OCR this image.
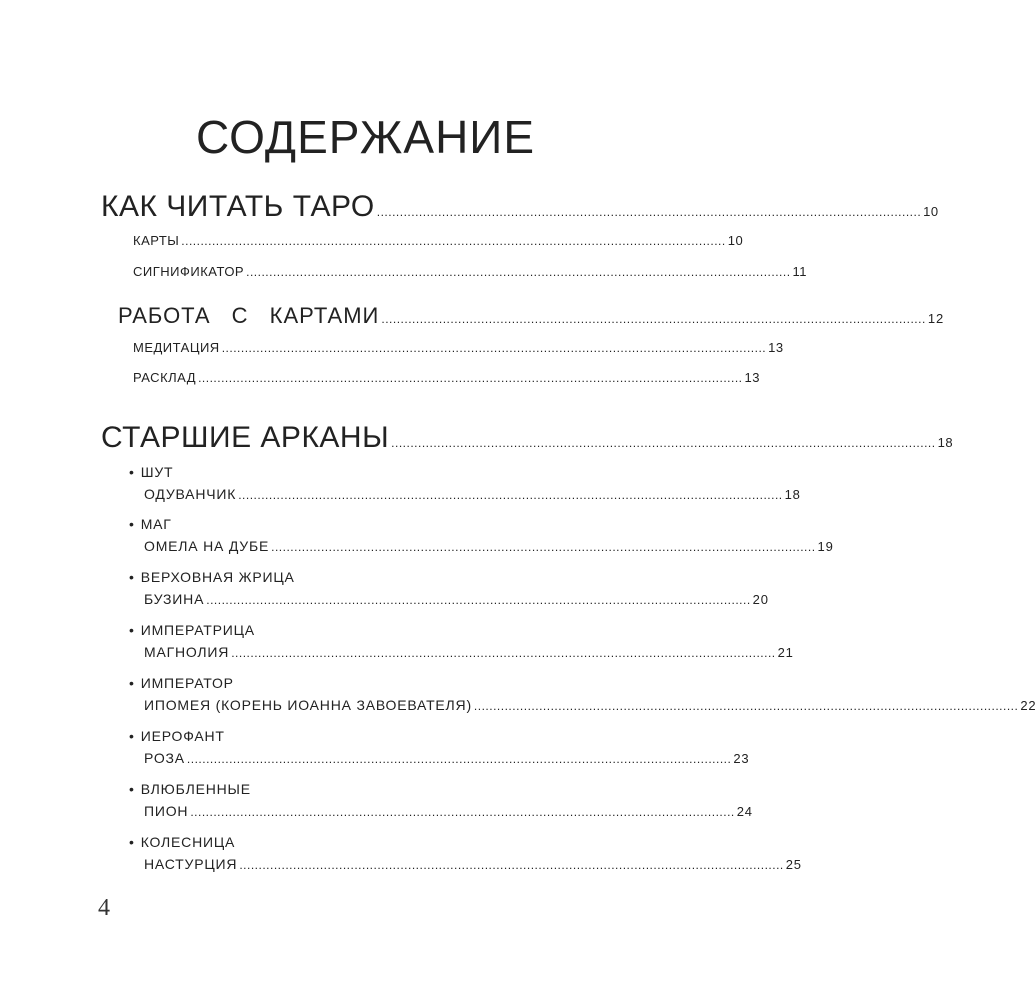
СОДЕРЖАНИЕ
КАК ЧИТАТЬ ТАРО .............................................................................................................................................. 10
КАРТЫ .............................................................................................................................................. 10
СИГНИФИКАТОР .............................................................................................................................................. 11
РАБОТА С КАРТАМИ .............................................................................................................................................. 12
МЕДИТАЦИЯ .............................................................................................................................................. 13
РАСКЛАД .............................................................................................................................................. 13
СТАРШИЕ АРКАНЫ .............................................................................................................................................. 18
• ШУТ
ОДУВАНЧИК .............................................................................................................................................. 18
• МАГ
ОМЕЛА НА ДУБЕ .............................................................................................................................................. 19
• ВЕРХОВНАЯ ЖРИЦА
БУЗИНА .............................................................................................................................................. 20
• ИМПЕРАТРИЦА
МАГНОЛИЯ .............................................................................................................................................. 21
• ИМПЕРАТОР
ИПОМЕЯ (КОРЕНЬ ИОАННА ЗАВОЕВАТЕЛЯ) .............................................................................................................................................. 22
• ИЕРОФАНТ
РОЗА .............................................................................................................................................. 23
• ВЛЮБЛЕННЫЕ
ПИОН .............................................................................................................................................. 24
• КОЛЕСНИЦА
НАСТУРЦИЯ .............................................................................................................................................. 25
4
